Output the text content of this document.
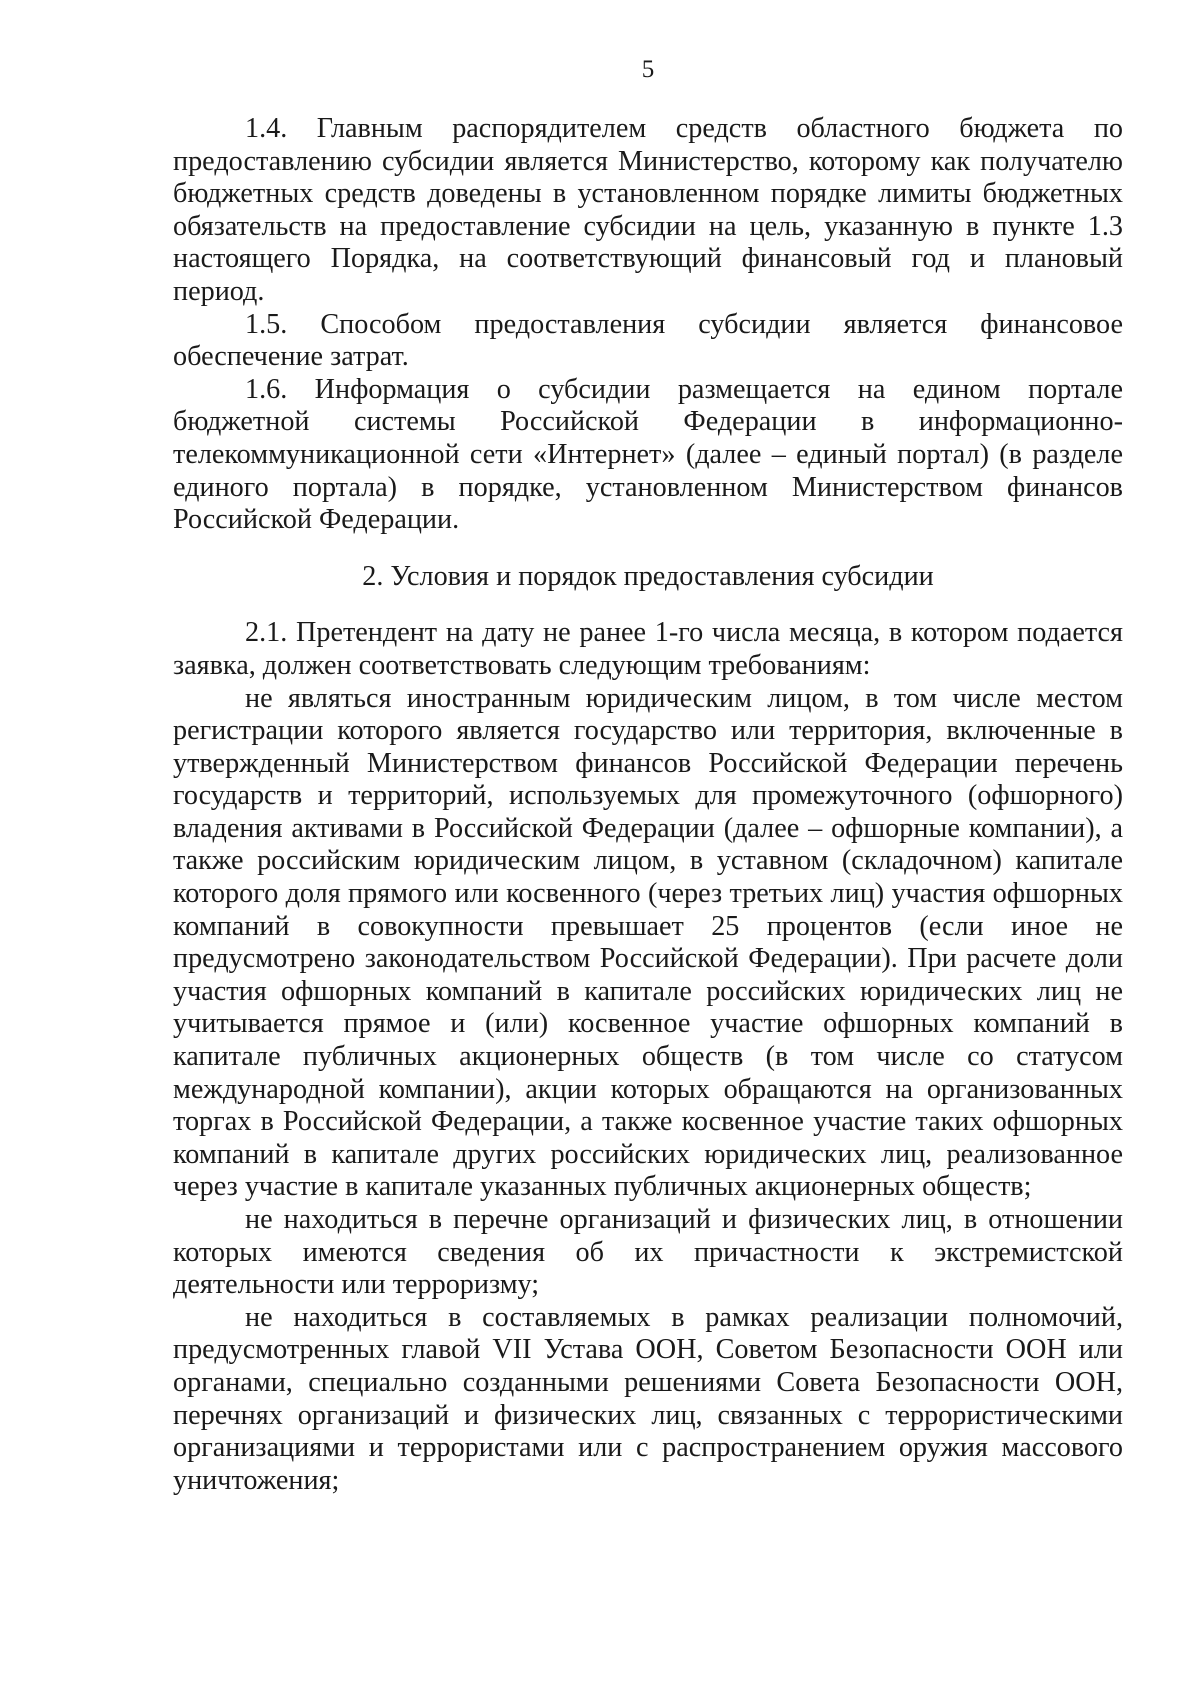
5

1.4. Главным распорядителем средств областного бюджета по предоставлению субсидии является Министерство, которому как получателю бюджетных средств доведены в установленном порядке лимиты бюджетных обязательств на предоставление субсидии на цель, указанную в пункте 1.3 настоящего Порядка, на соответствующий финансовый год и плановый период.

1.5. Способом предоставления субсидии является финансовое обеспечение затрат.

1.6. Информация о субсидии размещается на едином портале бюджетной системы Российской Федерации в информационно-телекоммуникационной сети «Интернет» (далее – единый портал) (в разделе единого портала) в порядке, установленном Министерством финансов Российской Федерации.

2. Условия и порядок предоставления субсидии

2.1. Претендент на дату не ранее 1-го числа месяца, в котором подается заявка, должен соответствовать следующим требованиям:

не являться иностранным юридическим лицом, в том числе местом регистрации которого является государство или территория, включенные в утвержденный Министерством финансов Российской Федерации перечень государств и территорий, используемых для промежуточного (офшорного) владения активами в Российской Федерации (далее – офшорные компании), а также российским юридическим лицом, в уставном (складочном) капитале которого доля прямого или косвенного (через третьих лиц) участия офшорных компаний в совокупности превышает 25 процентов (если иное не предусмотрено законодательством Российской Федерации). При расчете доли участия офшорных компаний в капитале российских юридических лиц не учитывается прямое и (или) косвенное участие офшорных компаний в капитале публичных акционерных обществ (в том числе со статусом международной компании), акции которых обращаются на организованных торгах в Российской Федерации, а также косвенное участие таких офшорных компаний в капитале других российских юридических лиц, реализованное через участие в капитале указанных публичных акционерных обществ;

не находиться в перечне организаций и физических лиц, в отношении которых имеются сведения об их причастности к экстремистской деятельности или терроризму;

не находиться в составляемых в рамках реализации полномочий, предусмотренных главой VII Устава ООН, Советом Безопасности ООН или органами, специально созданными решениями Совета Безопасности ООН, перечнях организаций и физических лиц, связанных с террористическими организациями и террористами или с распространением оружия массового уничтожения;
